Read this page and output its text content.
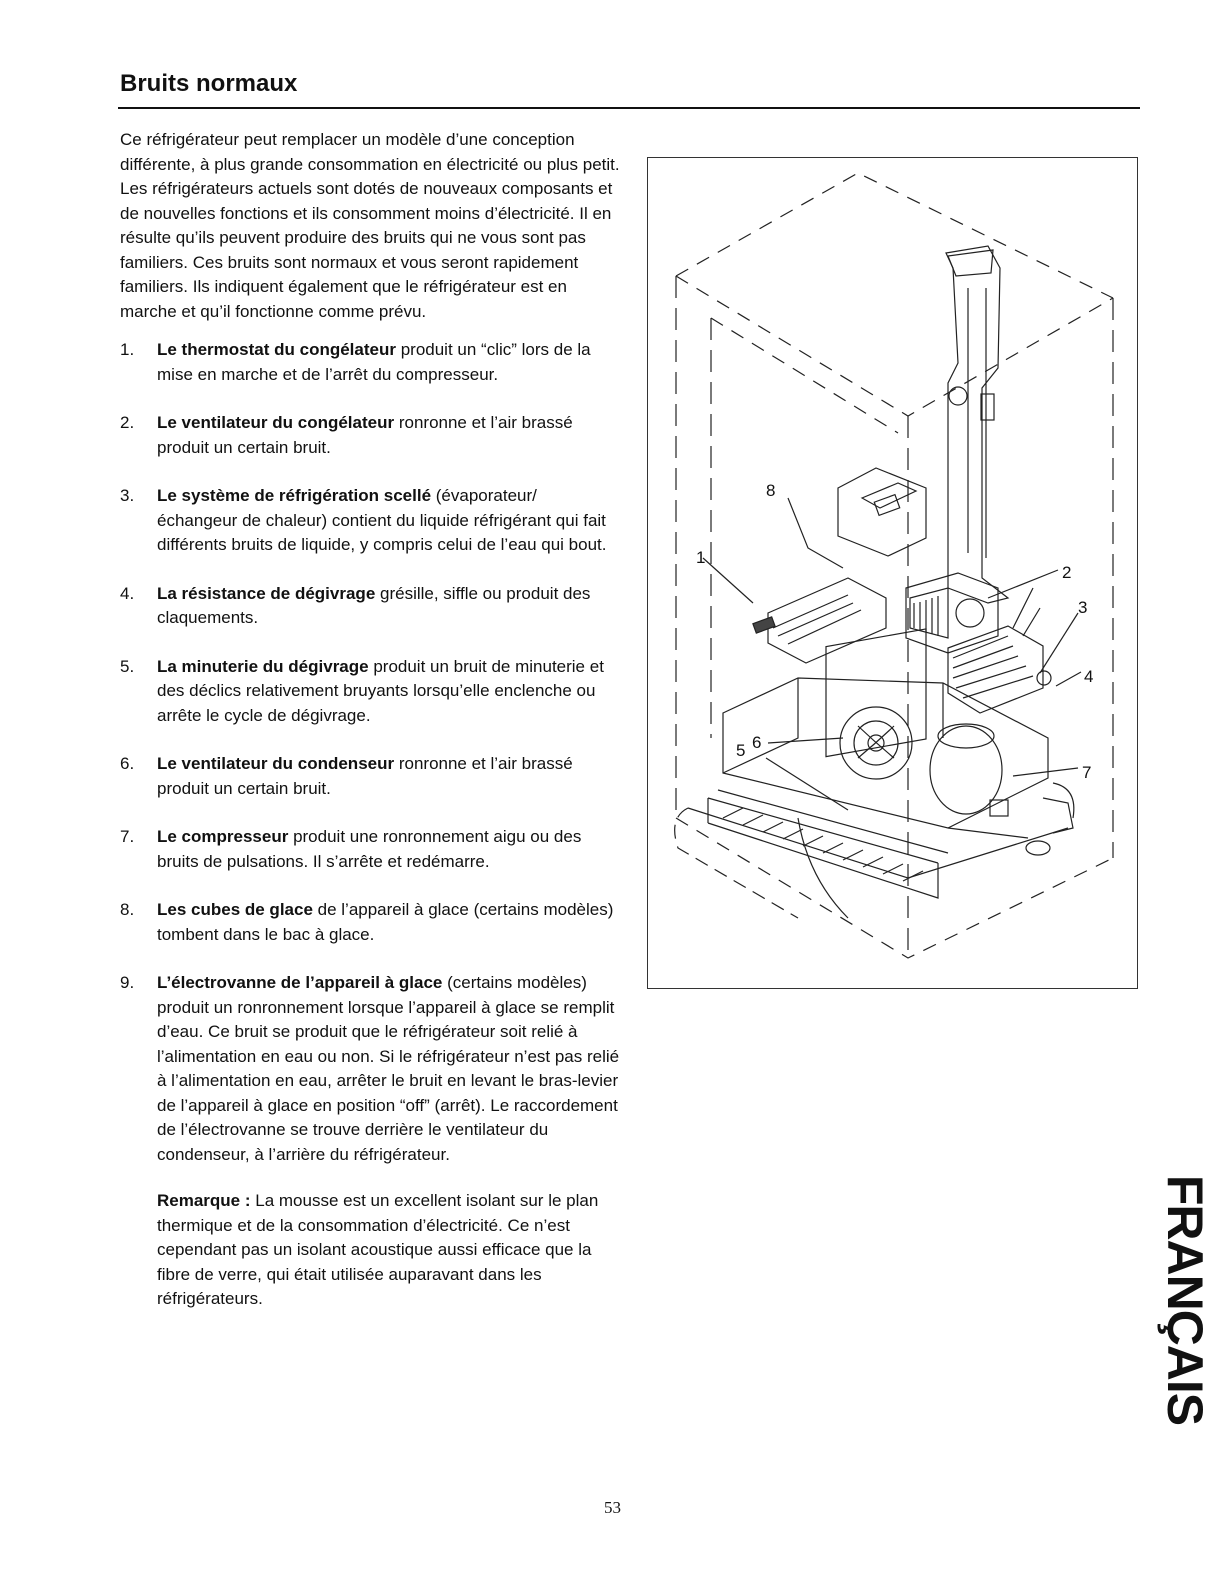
Bruits normaux

Ce réfrigérateur peut remplacer un modèle d’une conception différente, à plus grande consommation en électricité ou plus petit. Les réfrigérateurs actuels sont dotés de nouveaux composants et de nouvelles fonctions et ils consomment moins d’électricité. Il en résulte qu’ils peuvent produire des bruits qui ne vous sont pas familiers. Ces bruits sont normaux et vous seront rapidement familiers. Ils indiquent également que le réfrigérateur est en marche et qu’il fonctionne comme prévu.

1.	Le thermostat du congélateur produit un “clic” lors de la mise en marche et de l’arrêt du compresseur.
2.	Le ventilateur du congélateur ronronne et l’air brassé produit un certain bruit.
3.	Le système de réfrigération scellé (évaporateur/ échangeur de chaleur) contient du liquide réfrigérant qui fait différents bruits de liquide, y compris celui de l’eau qui bout.
4.	La résistance de dégivrage grésille, siffle ou produit des claquements.
5.	La minuterie du dégivrage produit un bruit de minuterie et des déclics relativement bruyants lorsqu’elle enclenche ou arrête le cycle de dégivrage.
6.	Le ventilateur du condenseur ronronne et l’air brassé produit un certain bruit.
7.	Le compresseur produit une ronronnement aigu ou des bruits de pulsations. Il s’arrête et redémarre.
8.	Les cubes de glace de l’appareil à glace (certains modèles) tombent dans le bac à glace.
9.	L’électrovanne de l’appareil à glace (certains modèles) produit un ronronnement lorsque l’appareil à glace se remplit d’eau. Ce bruit se produit que le réfrigérateur soit relié à l’alimentation en eau ou non. Si le réfrigérateur n’est pas relié à l’alimentation en eau, arrêter le bruit en levant le bras-levier de l’appareil à glace en position “off” (arrêt). Le raccordement de l’électrovanne se trouve derrière le ventilateur du condenseur, à l’arrière du réfrigérateur.

Remarque : La mousse est un excellent isolant sur le plan thermique et de la consommation d’électricité. Ce n’est cependant pas un isolant acoustique aussi efficace que la fibre de verre, qui était utilisée auparavant dans les réfrigérateurs.

8
1
2
3
4
6
5
7
FRANÇAIS
53
